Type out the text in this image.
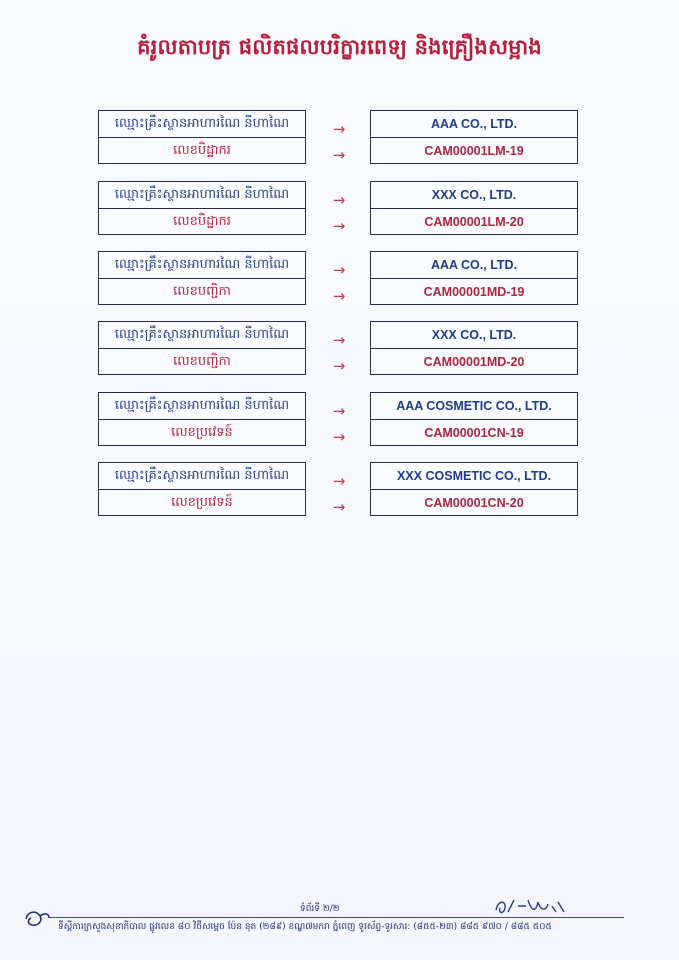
គំរូលតាបត្រ ផលិតផលបរិក្ខារពេទ្យ និងគ្រឿងសម្អាង
ឈ្មោះគ្រឹះស្ថានអាហារណៃ នីហាណៃ
លេខបិដ្ឋាករ
→
→
AAA CO., LTD.
CAM00001LM-19
ឈ្មោះគ្រឹះស្ថានអាហារណៃ នីហាណៃ
លេខបិដ្ឋាករ
→
→
XXX CO., LTD.
CAM00001LM-20
ឈ្មោះគ្រឹះស្ថានអាហារណៃ នីហាណៃ
លេខបញ្ជិកា
→
→
AAA CO., LTD.
CAM00001MD-19
ឈ្មោះគ្រឹះស្ថានអាហារណៃ នីហាណៃ
លេខបញ្ជិកា
→
→
XXX CO., LTD.
CAM00001MD-20
ឈ្មោះគ្រឹះស្ថានអាហារណៃ នីហាណៃ
លេខប្រវេទន៍
→
→
AAA COSMETIC CO., LTD.
CAM00001CN-19
ឈ្មោះគ្រឹះស្ថានអាហារណៃ នីហាណៃ
លេខប្រវេទន៍
→
→
XXX COSMETIC CO., LTD.
CAM00001CN-20
ទំព័រទី ២/២
ទីស្តីការក្រសួងសុខាភិបាល ផ្លូវលេខ ៨០ វិថីសម្តេច ប៉ែន នុត (២៨៩) ខណ្ឌ៧មករា ភ្នំពេញ ទូរស័ព្ទ-ទូរសារ: (៨៥៥-២៣) ៨៨៥ ៩៧០ / ៨៨៥ ៥០៥
